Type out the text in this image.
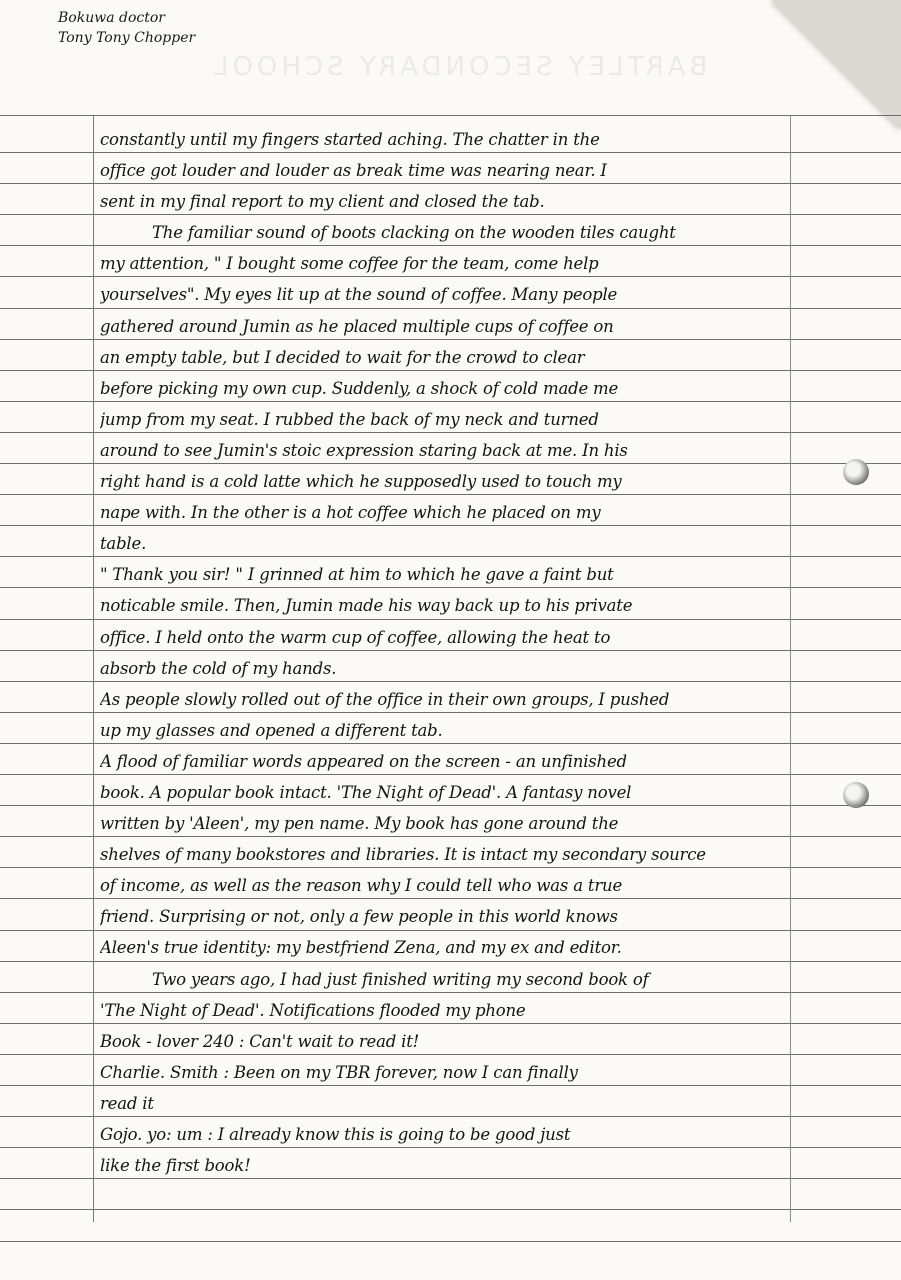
BARTLEY SECONDARY SCHOOL
Bokuwa doctor
Tony Tony Chopper
constantly until my fingers started aching. The chatter in the
office got louder and louder as break time was nearing near. I
sent in my final report to my client and closed the tab.
The familiar sound of boots clacking on the wooden tiles caught
my attention, " I bought some coffee for the team, come help
yourselves". My eyes lit up at the sound of coffee. Many people
gathered around Jumin as he placed multiple cups of coffee on
an empty table, but I decided to wait for the crowd to clear
before picking my own cup. Suddenly, a shock of cold made me
jump from my seat. I rubbed the back of my neck and turned
around to see Jumin's stoic expression staring back at me. In his
right hand is a cold latte which he supposedly used to touch my
nape with. In the other is a hot coffee which he placed on my
table.
" Thank you sir! " I grinned at him to which he gave a faint but
noticable smile. Then, Jumin made his way back up to his private
office. I held onto the warm cup of coffee, allowing the heat to
absorb the cold of my hands.
As people slowly rolled out of the office in their own groups, I pushed
up my glasses and opened a different tab.
A flood of familiar words appeared on the screen - an unfinished
book. A popular book intact. 'The Night of Dead'. A fantasy novel
written by 'Aleen', my pen name. My book has gone around the
shelves of many bookstores and libraries. It is intact my secondary source
of income, as well as the reason why I could tell who was a true
friend. Surprising or not, only a few people in this world knows
Aleen's true identity: my bestfriend Zena, and my ex and editor.
Two years ago, I had just finished writing my second book of
'The Night of Dead'. Notifications flooded my phone
Book - lover 240 : Can't wait to read it!
Charlie. Smith : Been on my TBR forever, now I can finally
read it
Gojo. yo: um : I already know this is going to be good just
like the first book!
